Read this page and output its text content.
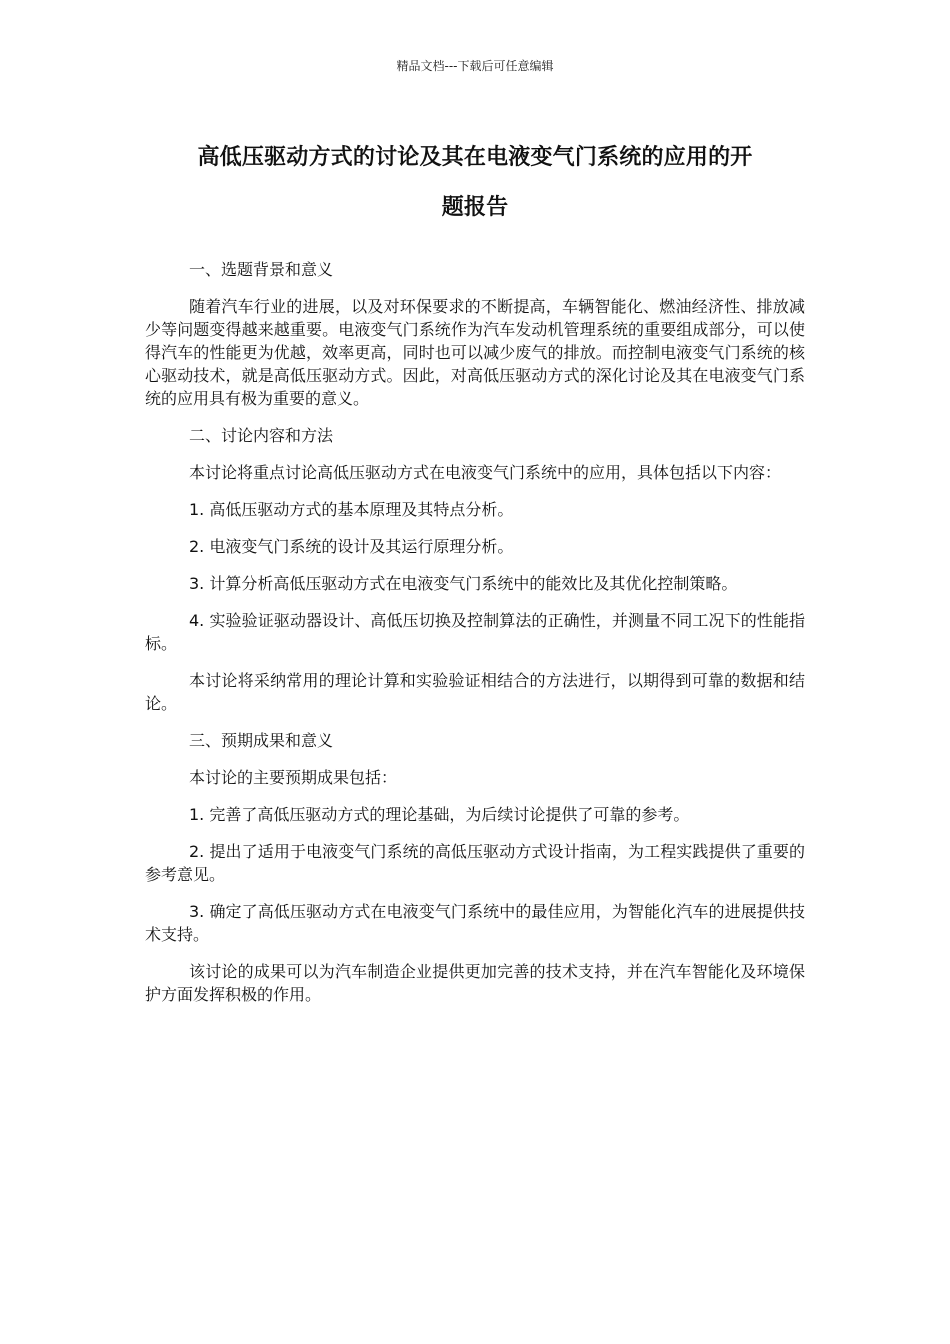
精品文档---下载后可任意编辑
高低压驱动方式的讨论及其在电液变气门系统的应用的开
题报告

一、选题背景和意义

随着汽车行业的进展，以及对环保要求的不断提高，车辆智能化、燃油经济性、排放减少等问题变得越来越重要。电液变气门系统作为汽车发动机管理系统的重要组成部分，可以使得汽车的性能更为优越，效率更高，同时也可以减少废气的排放。而控制电液变气门系统的核心驱动技术，就是高低压驱动方式。因此，对高低压驱动方式的深化讨论及其在电液变气门系统的应用具有极为重要的意义。

二、讨论内容和方法

本讨论将重点讨论高低压驱动方式在电液变气门系统中的应用，具体包括以下内容：

1. 高低压驱动方式的基本原理及其特点分析。

2. 电液变气门系统的设计及其运行原理分析。

3. 计算分析高低压驱动方式在电液变气门系统中的能效比及其优化控制策略。

4. 实验验证驱动器设计、高低压切换及控制算法的正确性，并测量不同工况下的性能指标。

本讨论将采纳常用的理论计算和实验验证相结合的方法进行，以期得到可靠的数据和结论。

三、预期成果和意义

本讨论的主要预期成果包括：

1. 完善了高低压驱动方式的理论基础，为后续讨论提供了可靠的参考。

2. 提出了适用于电液变气门系统的高低压驱动方式设计指南，为工程实践提供了重要的参考意见。

3. 确定了高低压驱动方式在电液变气门系统中的最佳应用，为智能化汽车的进展提供技术支持。

该讨论的成果可以为汽车制造企业提供更加完善的技术支持，并在汽车智能化及环境保护方面发挥积极的作用。
